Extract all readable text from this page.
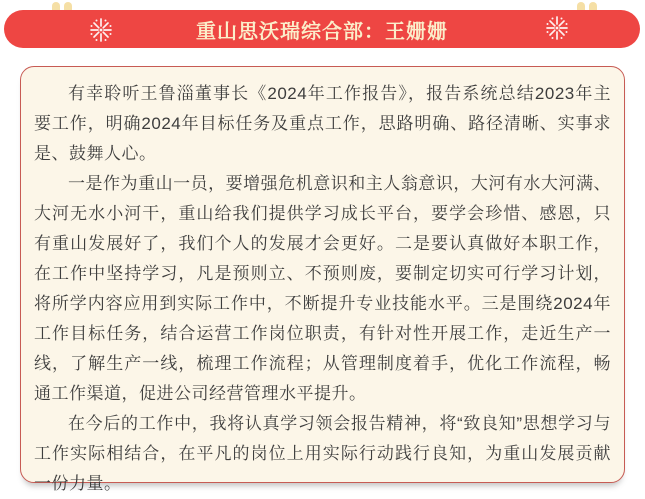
重山思沃瑞综合部：王姗姗

有幸聆听王鲁淄董事长《2024年工作报告》，报告系统总结2023年主要工作，明确2024年目标任务及重点工作，思路明确、路径清晰、实事求是、鼓舞人心。

一是作为重山一员，要增强危机意识和主人翁意识，大河有水大河满、大河无水小河干，重山给我们提供学习成长平台，要学会珍惜、感恩，只有重山发展好了，我们个人的发展才会更好。二是要认真做好本职工作，在工作中坚持学习，凡是预则立、不预则废，要制定切实可行学习计划，将所学内容应用到实际工作中，不断提升专业技能水平。三是围绕2024年工作目标任务，结合运营工作岗位职责，有针对性开展工作，走近生产一线，了解生产一线，梳理工作流程；从管理制度着手，优化工作流程，畅通工作渠道，促进公司经营管理水平提升。

在今后的工作中，我将认真学习领会报告精神，将“致良知”思想学习与工作实际相结合，在平凡的岗位上用实际行动践行良知，为重山发展贡献一份力量。
